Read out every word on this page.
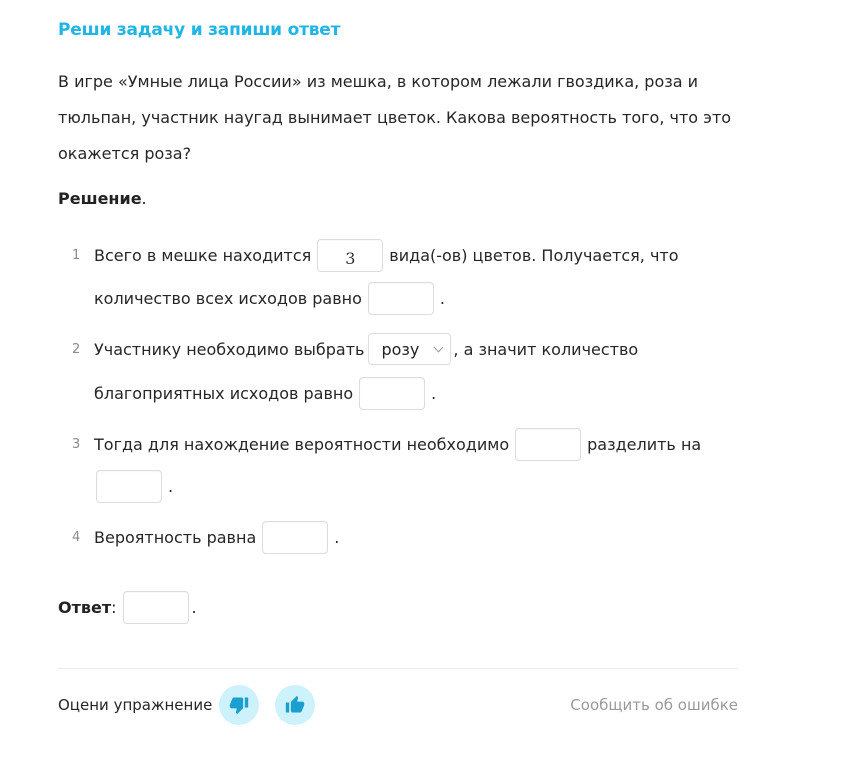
Реши задачу и запиши ответ
В игре «Умные лица России» из мешка, в котором лежали гвоздика, роза и тюльпан, участник наугад вынимает цветок. Какова вероятность того, что это окажется роза?
Решение.
1 Всего в мешке находится	3	вида(-ов) цветов. Получается, что
количество всех исходов равно	.
2 Участнику необходимо выбрать розу , а значит количество
благоприятных исходов равно	.
3 Тогда для нахождение вероятности необходимо	разделить на
.
4 Вероятность равна	.
Ответ :	.
Оцени упражнение	Сообщить об ошибке
